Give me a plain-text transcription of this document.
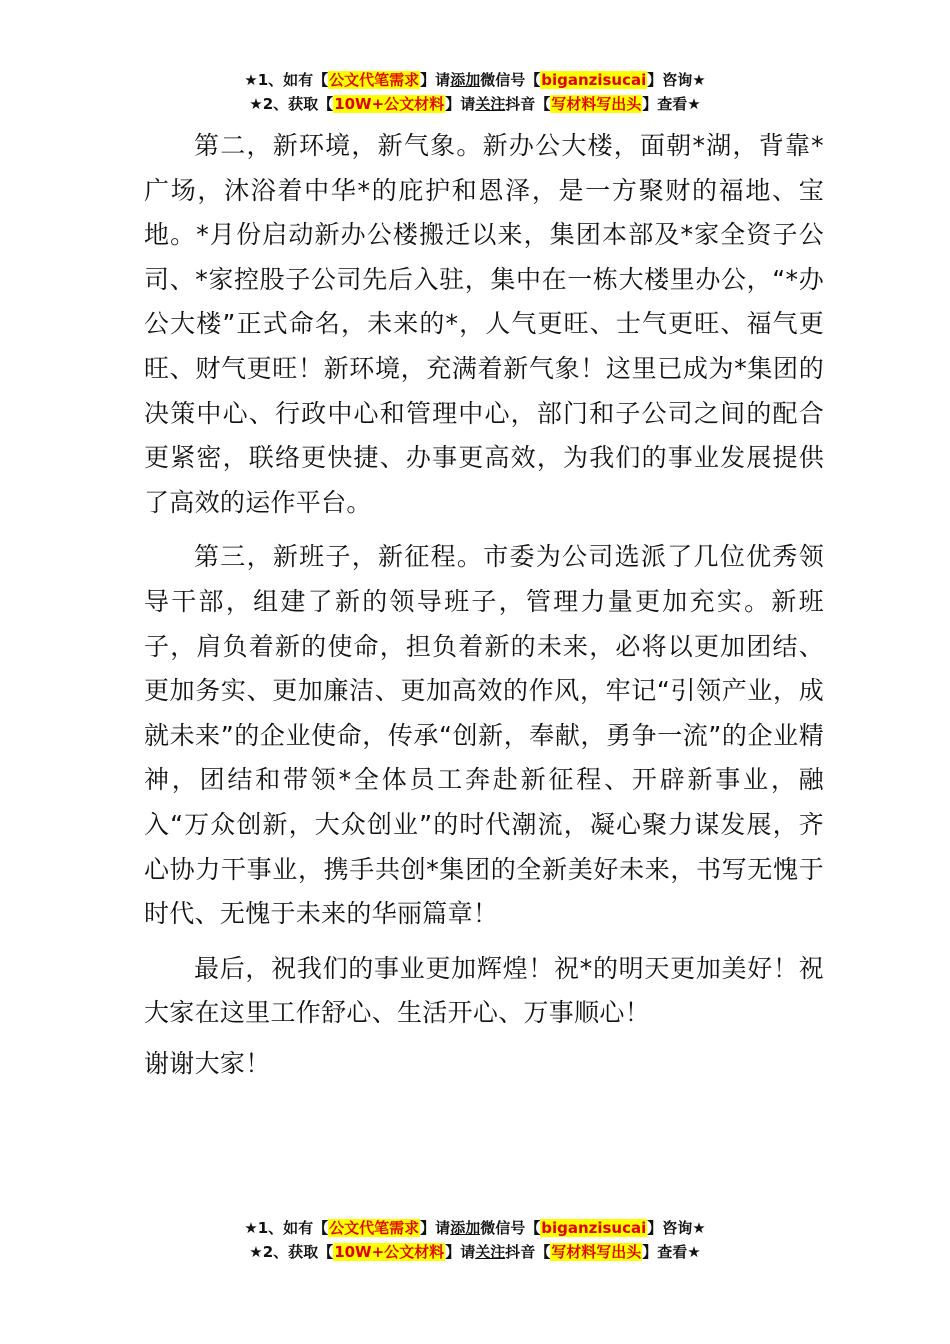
★1、如有【公文代笔需求】请添加微信号【biganzisucai】咨询★
★2、获取【10W+公文材料】请关注抖音【写材料写出头】查看★

第二，新环境，新气象。新办公大楼，面朝*湖，背靠*广场，沐浴着中华*的庇护和恩泽，是一方聚财的福地、宝地。*月份启动新办公楼搬迁以来，集团本部及*家全资子公司、*家控股子公司先后入驻，集中在一栋大楼里办公，“*办公大楼”正式命名，未来的*，人气更旺、士气更旺、福气更旺、财气更旺！新环境，充满着新气象！这里已成为*集团的决策中心、行政中心和管理中心，部门和子公司之间的配合更紧密，联络更快捷、办事更高效，为我们的事业发展提供了高效的运作平台。

第三，新班子，新征程。市委为公司选派了几位优秀领导干部，组建了新的领导班子，管理力量更加充实。新班子，肩负着新的使命，担负着新的未来，必将以更加团结、更加务实、更加廉洁、更加高效的作风，牢记“引领产业，成就未来”的企业使命，传承“创新，奉献，勇争一流”的企业精神，团结和带领*全体员工奔赴新征程、开辟新事业，融入“万众创新，大众创业”的时代潮流，凝心聚力谋发展，齐心协力干事业，携手共创*集团的全新美好未来，书写无愧于时代、无愧于未来的华丽篇章！

最后，祝我们的事业更加辉煌！祝*的明天更加美好！祝大家在这里工作舒心、生活开心、万事顺心！

谢谢大家！

★1、如有【公文代笔需求】请添加微信号【biganzisucai】咨询★
★2、获取【10W+公文材料】请关注抖音【写材料写出头】查看★
